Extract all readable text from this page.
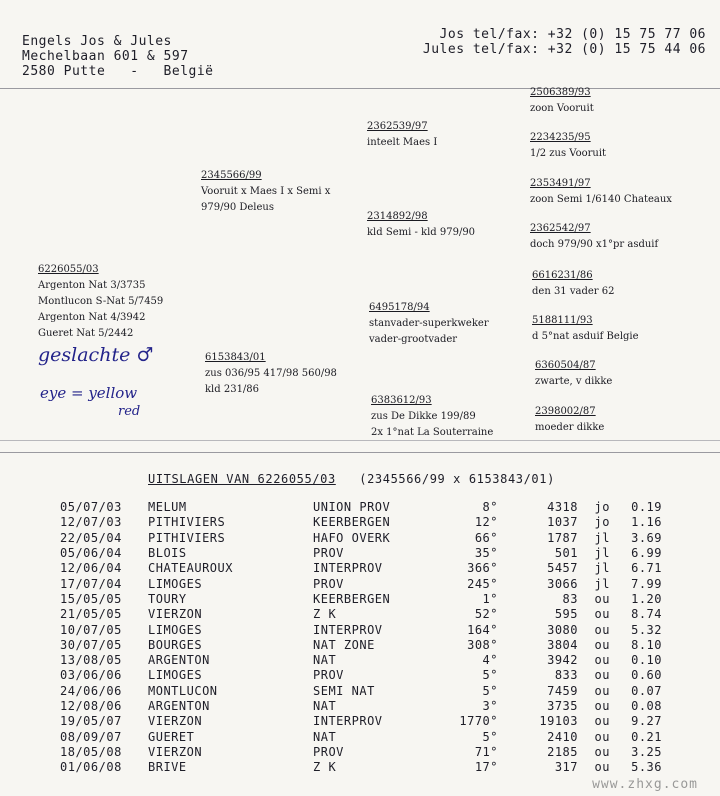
Engels Jos & Jules
Mechelbaan 601 & 597
2580 Putte   -   België
Jos tel/fax: +32 (0) 15 75 77 06
Jules tel/fax: +32 (0) 15 75 44 06
6226055/03
Argenton Nat 3/3735
Montlucon S-Nat 5/7459
Argenton Nat 4/3942
Gueret Nat 5/2442
2345566/99
Vooruit x Maes I x Semi x
979/90 Deleus
6153843/01
zus 036/95 417/98 560/98
kld 231/86
2362539/97
inteelt Maes I
2314892/98
kld Semi - kld 979/90
6495178/94
stanvader-superkweker
vader-grootvader
6383612/93
zus De Dikke 199/89
2x 1°nat La Souterraine
2506389/93
zoon Vooruit
2234235/95
1/2 zus Vooruit
2353491/97
zoon Semi 1/6140 Chateaux
2362542/97
doch 979/90 x1°pr asduif
6616231/86
den 31 vader 62
5188111/93
d 5°nat asduif Belgie
6360504/87
zwarte, v dikke
2398002/87
moeder dikke
geslachte ♂
eye = yellow
red
UITSLAGEN VAN 6226055/03 (2345566/99 x 6153843/01)
05/07/03	MELUM	UNION PROV	8°	4318	jo	0.19
12/07/03	PITHIVIERS	KEERBERGEN	12°	1037	jo	1.16
22/05/04	PITHIVIERS	HAFO OVERK	66°	1787	jl	3.69
05/06/04	BLOIS	PROV	35°	501	jl	6.99
12/06/04	CHATEAUROUX	INTERPROV	366°	5457	jl	6.71
17/07/04	LIMOGES	PROV	245°	3066	jl	7.99
15/05/05	TOURY	KEERBERGEN	1°	83	ou	1.20
21/05/05	VIERZON	Z K	52°	595	ou	8.74
10/07/05	LIMOGES	INTERPROV	164°	3080	ou	5.32
30/07/05	BOURGES	NAT ZONE	308°	3804	ou	8.10
13/08/05	ARGENTON	NAT	4°	3942	ou	0.10
03/06/06	LIMOGES	PROV	5°	833	ou	0.60
24/06/06	MONTLUCON	SEMI NAT	5°	7459	ou	0.07
12/08/06	ARGENTON	NAT	3°	3735	ou	0.08
19/05/07	VIERZON	INTERPROV	1770°	19103	ou	9.27
08/09/07	GUERET	NAT	5°	2410	ou	0.21
18/05/08	VIERZON	PROV	71°	2185	ou	3.25
01/06/08	BRIVE	Z K	17°	317	ou	5.36
www.zhxg.com
